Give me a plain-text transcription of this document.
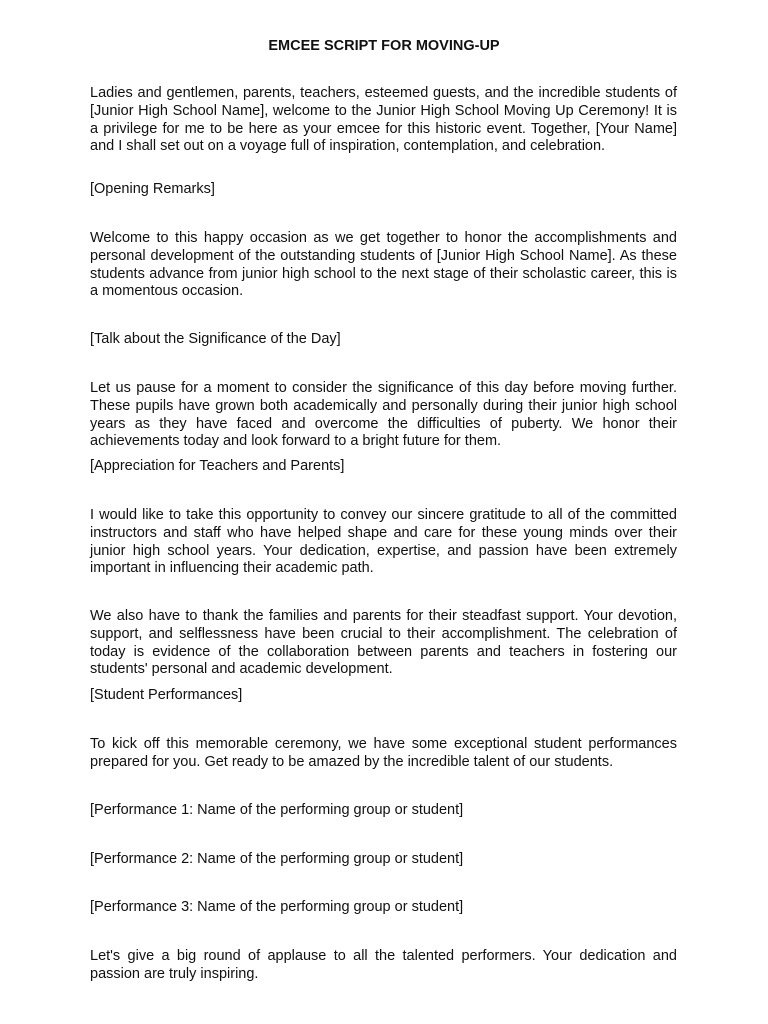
EMCEE SCRIPT FOR MOVING-UP

Ladies and gentlemen, parents, teachers, esteemed guests, and the incredible students of [Junior High School Name], welcome to the Junior High School Moving Up Ceremony! It is a privilege for me to be here as your emcee for this historic event. Together, [Your Name] and I shall set out on a voyage full of inspiration, contemplation, and celebration.

[Opening Remarks]

Welcome to this happy occasion as we get together to honor the accomplishments and personal development of the outstanding students of [Junior High School Name]. As these students advance from junior high school to the next stage of their scholastic career, this is a momentous occasion.

[Talk about the Significance of the Day]

Let us pause for a moment to consider the significance of this day before moving further. These pupils have grown both academically and personally during their junior high school years as they have faced and overcome the difficulties of puberty. We honor their achievements today and look forward to a bright future for them.

[Appreciation for Teachers and Parents]

I would like to take this opportunity to convey our sincere gratitude to all of the committed instructors and staff who have helped shape and care for these young minds over their junior high school years. Your dedication, expertise, and passion have been extremely important in influencing their academic path.

We also have to thank the families and parents for their steadfast support. Your devotion, support, and selflessness have been crucial to their accomplishment. The celebration of today is evidence of the collaboration between parents and teachers in fostering our students' personal and academic development.

[Student Performances]

To kick off this memorable ceremony, we have some exceptional student performances prepared for you. Get ready to be amazed by the incredible talent of our students.

[Performance 1: Name of the performing group or student]

[Performance 2: Name of the performing group or student]

[Performance 3: Name of the performing group or student]

Let's give a big round of applause to all the talented performers. Your dedication and passion are truly inspiring.
